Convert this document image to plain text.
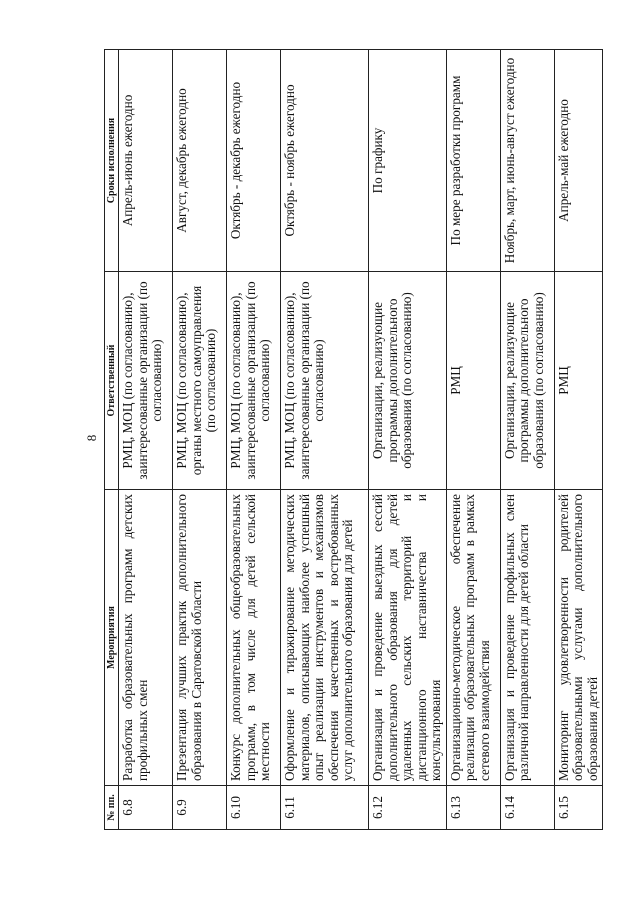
8
№ пп.	Мероприятия	Ответственный	Сроки исполнения
6.8	Разработка образовательных программ детских профильных смен	РМЦ, МОЦ (по согласованию), заинтересованные организации (по согласованию)	Апрель-июнь ежегодно
6.9	Презентация лучших практик дополнительного образования в Саратовской области	РМЦ, МОЦ (по согласованию), органы местного самоуправления (по согласованию)	Август, декабрь ежегодно
6.10	Конкурс дополнительных общеобразовательных программ, в том числе для детей сельской местности	РМЦ, МОЦ (по согласованию), заинтересованные организации (по согласованию)	Октябрь - декабрь ежегодно
6.11	Оформление и тиражирование методических материалов, описывающих наиболее успешный опыт реализации инструментов и механизмов обеспечения качественных и востребованных услуг дополнительного образования для детей	РМЦ, МОЦ (по согласованию), заинтересованные организации (по согласованию)	Октябрь - ноябрь ежегодно
6.12	Организация и проведение выездных сессий дополнительного образования для детей удаленных сельских территорий и дистанционного наставничества и консультирования	Организации, реализующие программы дополнительного образования (по согласованию)	По графику
6.13	Организационно-методическое обеспечение реализации образовательных программ в рамках сетевого взаимодействия	РМЦ	По мере разработки программ
6.14	Организация и проведение профильных смен различной направленности для детей области	Организации, реализующие программы дополнительного образования (по согласованию)	Ноябрь, март, июнь-август ежегодно
6.15	Мониторинг удовлетворенности родителей образовательными услугами дополнительного образования детей	РМЦ	Апрель-май ежегодно
